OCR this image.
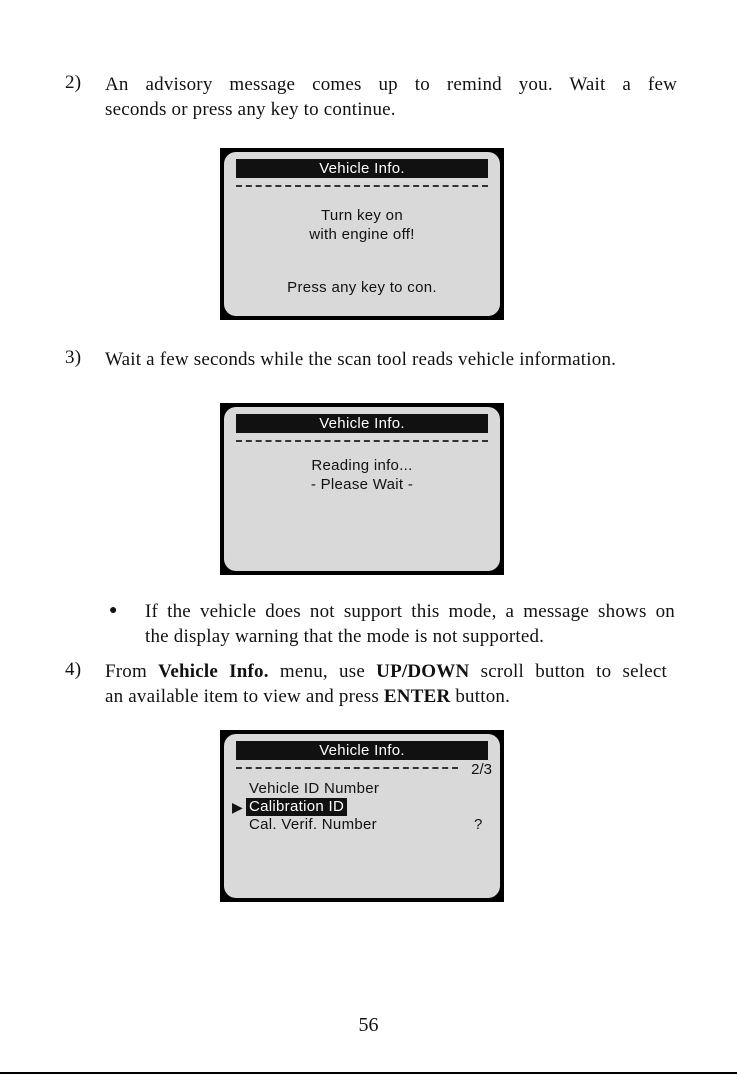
2) An advisory message comes up to remind you. Wait a few
seconds or press any key to continue.
Vehicle Info.
Turn key on
with engine off!
Press any key to con.
3) Wait a few seconds while the scan tool reads vehicle information.
Vehicle Info.
Reading info...
- Please Wait -
● If the vehicle does not support this mode, a message shows on
the display warning that the mode is not supported.
4) From Vehicle Info. menu, use UP/DOWN scroll button to select
an available item to view and press ENTER button.
Vehicle Info.
2/3
Vehicle ID Number
▶ Calibration ID
Cal. Verif. Number	?
56
